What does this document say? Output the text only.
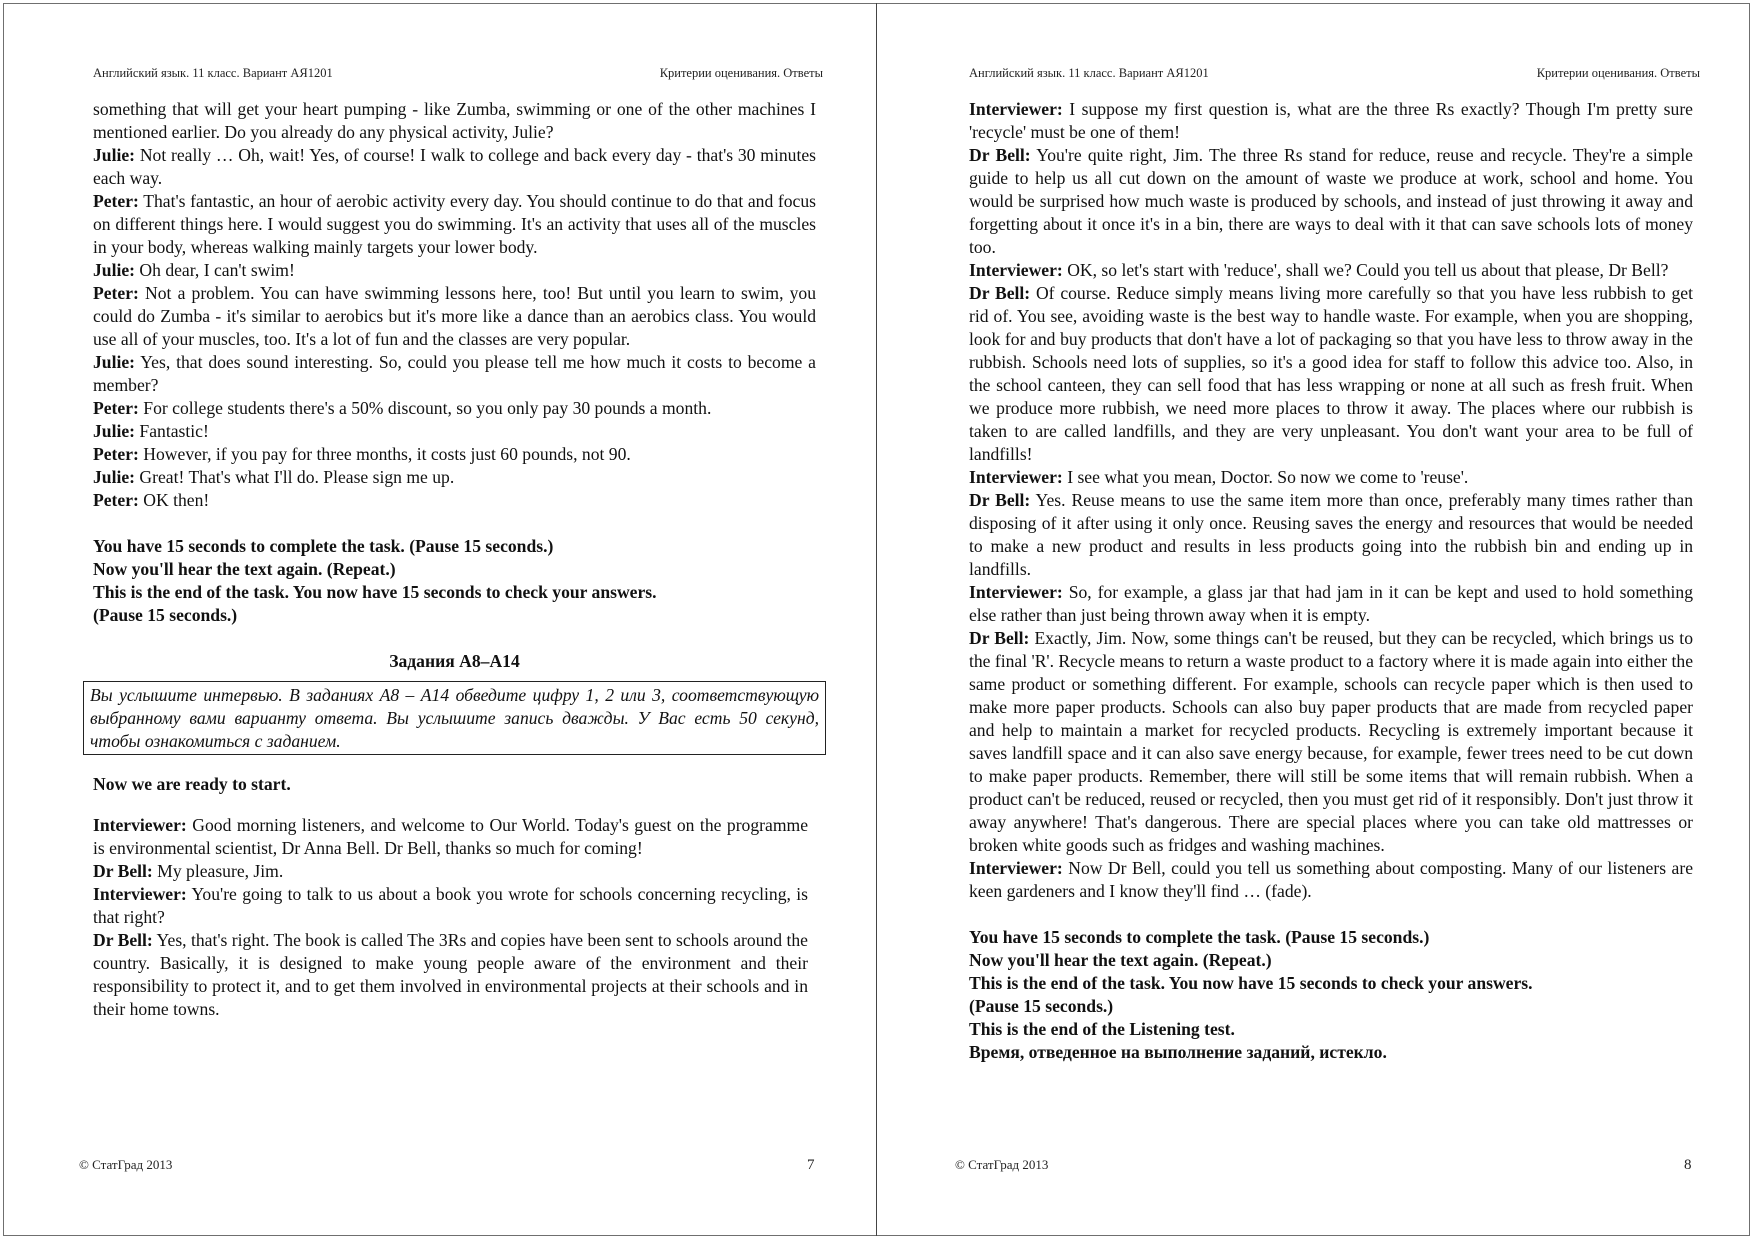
Английский язык. 11 класс. Вариант АЯ1201	Критерии оценивания. Ответы

something that will get your heart pumping - like Zumba, swimming or one of the other machines I mentioned earlier. Do you already do any physical activity, Julie?

Julie: Not really … Oh, wait! Yes, of course! I walk to college and back every day - that's 30 minutes each way.

Peter: That's fantastic, an hour of aerobic activity every day. You should continue to do that and focus on different things here. I would suggest you do swimming. It's an activity that uses all of the muscles in your body, whereas walking mainly targets your lower body.

Julie: Oh dear, I can't swim!

Peter: Not a problem. You can have swimming lessons here, too! But until you learn to swim, you could do Zumba - it's similar to aerobics but it's more like a dance than an aerobics class. You would use all of your muscles, too. It's a lot of fun and the classes are very popular.

Julie: Yes, that does sound interesting. So, could you please tell me how much it costs to become a member?

Peter: For college students there's a 50% discount, so you only pay 30 pounds a month.

Julie: Fantastic!

Peter: However, if you pay for three months, it costs just 60 pounds, not 90.

Julie: Great! That's what I'll do. Please sign me up.

Peter: OK then!

You have 15 seconds to complete the task. (Pause 15 seconds.)

Now you'll hear the text again. (Repeat.)

This is the end of the task. You now have 15 seconds to check your answers.

(Pause 15 seconds.)

Задания А8–А14

Вы услышите интервью. В заданиях А8 – А14 обведите цифру 1, 2 или 3, соответствующую выбранному вами варианту ответа. Вы услышите запись дважды. У Вас есть 50 секунд, чтобы ознакомиться с заданием.

Now we are ready to start.

Interviewer: Good morning listeners, and welcome to Our World. Today's guest on the programme is environmental scientist, Dr Anna Bell. Dr Bell, thanks so much for coming!

Dr Bell: My pleasure, Jim.

Interviewer: You're going to talk to us about a book you wrote for schools concerning recycling, is that right?

Dr Bell: Yes, that's right. The book is called The 3Rs and copies have been sent to schools around the country. Basically, it is designed to make young people aware of the environment and their responsibility to protect it, and to get them involved in environmental projects at their schools and in their home towns.

© СтатГрад 2013	7
Английский язык. 11 класс. Вариант АЯ1201	Критерии оценивания. Ответы

Interviewer: I suppose my first question is, what are the three Rs exactly? Though I'm pretty sure 'recycle' must be one of them!

Dr Bell: You're quite right, Jim. The three Rs stand for reduce, reuse and recycle. They're a simple guide to help us all cut down on the amount of waste we produce at work, school and home. You would be surprised how much waste is produced by schools, and instead of just throwing it away and forgetting about it once it's in a bin, there are ways to deal with it that can save schools lots of money too.

Interviewer: OK, so let's start with 'reduce', shall we? Could you tell us about that please, Dr Bell?

Dr Bell: Of course. Reduce simply means living more carefully so that you have less rubbish to get rid of. You see, avoiding waste is the best way to handle waste. For example, when you are shopping, look for and buy products that don't have a lot of packaging so that you have less to throw away in the rubbish. Schools need lots of supplies, so it's a good idea for staff to follow this advice too. Also, in the school canteen, they can sell food that has less wrapping or none at all such as fresh fruit. When we produce more rubbish, we need more places to throw it away. The places where our rubbish is taken to are called landfills, and they are very unpleasant. You don't want your area to be full of landfills!

Interviewer: I see what you mean, Doctor. So now we come to 'reuse'.

Dr Bell: Yes. Reuse means to use the same item more than once, preferably many times rather than disposing of it after using it only once. Reusing saves the energy and resources that would be needed to make a new product and results in less products going into the rubbish bin and ending up in landfills.

Interviewer: So, for example, a glass jar that had jam in it can be kept and used to hold something else rather than just being thrown away when it is empty.

Dr Bell: Exactly, Jim. Now, some things can't be reused, but they can be recycled, which brings us to the final 'R'. Recycle means to return a waste product to a factory where it is made again into either the same product or something different. For example, schools can recycle paper which is then used to make more paper products. Schools can also buy paper products that are made from recycled paper and help to maintain a market for recycled products. Recycling is extremely important because it saves landfill space and it can also save energy because, for example, fewer trees need to be cut down to make paper products. Remember, there will still be some items that will remain rubbish. When a product can't be reduced, reused or recycled, then you must get rid of it responsibly. Don't just throw it away anywhere! That's dangerous. There are special places where you can take old mattresses or broken white goods such as fridges and washing machines.

Interviewer: Now Dr Bell, could you tell us something about composting. Many of our listeners are keen gardeners and I know they'll find … (fade).

You have 15 seconds to complete the task. (Pause 15 seconds.)

Now you'll hear the text again. (Repeat.)

This is the end of the task. You now have 15 seconds to check your answers.

(Pause 15 seconds.)

This is the end of the Listening test.

Время, отведенное на выполнение заданий, истекло.

© СтатГрад 2013	8
